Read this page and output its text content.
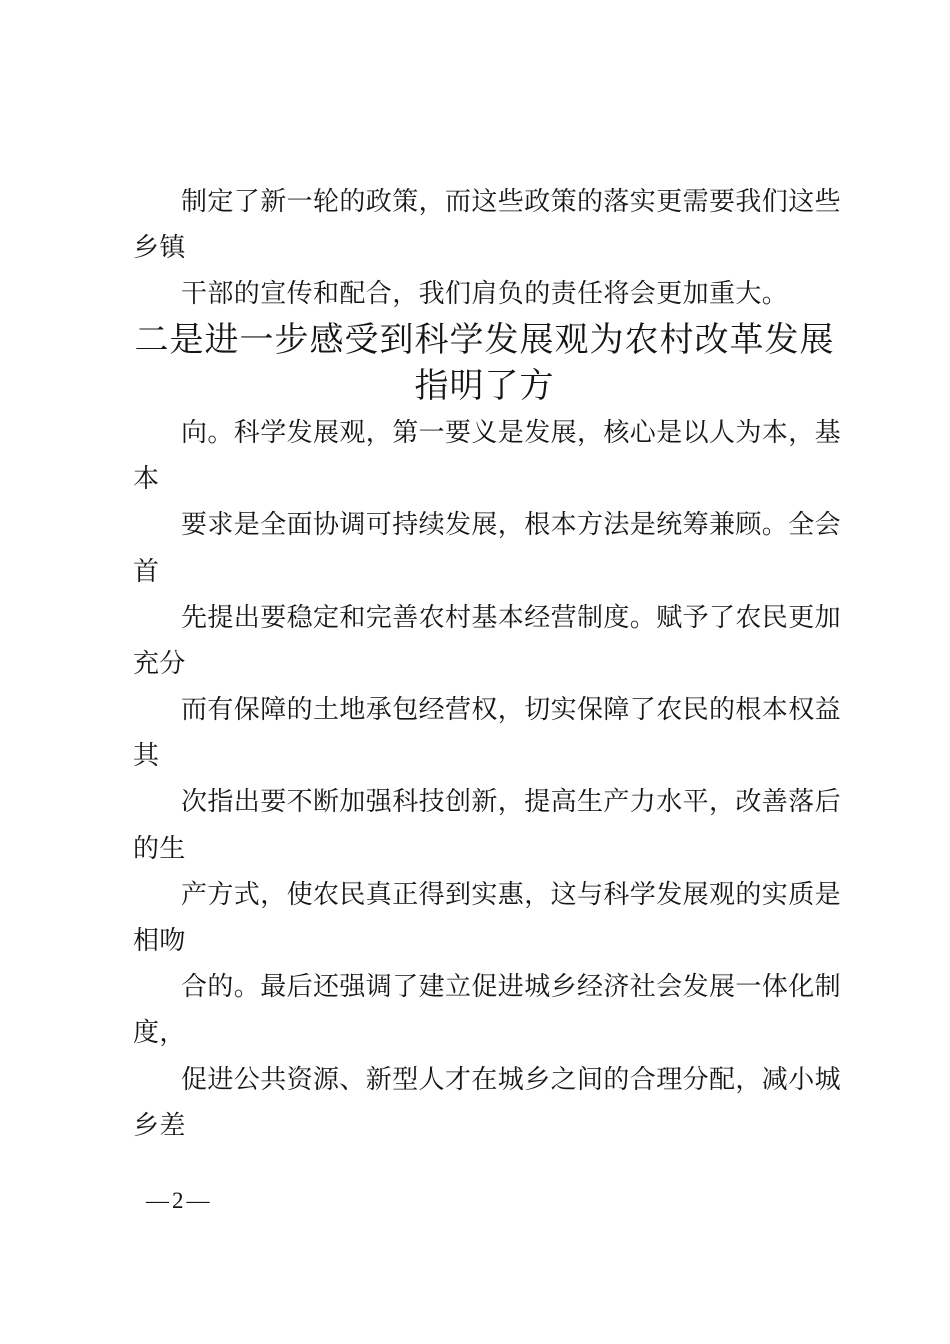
制定了新一轮的政策，而这些政策的落实更需要我们这些
乡镇
干部的宣传和配合，我们肩负的责任将会更加重大。
二是进一步感受到科学发展观为农村改革发展
指明了方
向。科学发展观，第一要义是发展，核心是以人为本，基
本
要求是全面协调可持续发展，根本方法是统筹兼顾。全会
首
先提出要稳定和完善农村基本经营制度。赋予了农民更加
充分
而有保障的土地承包经营权，切实保障了农民的根本权益
其
次指出要不断加强科技创新，提高生产力水平，改善落后
的生
产方式，使农民真正得到实惠，这与科学发展观的实质是
相吻
合的。最后还强调了建立促进城乡经济社会发展一体化制
度，
促进公共资源、新型人才在城乡之间的合理分配，减小城
乡差
—2—
